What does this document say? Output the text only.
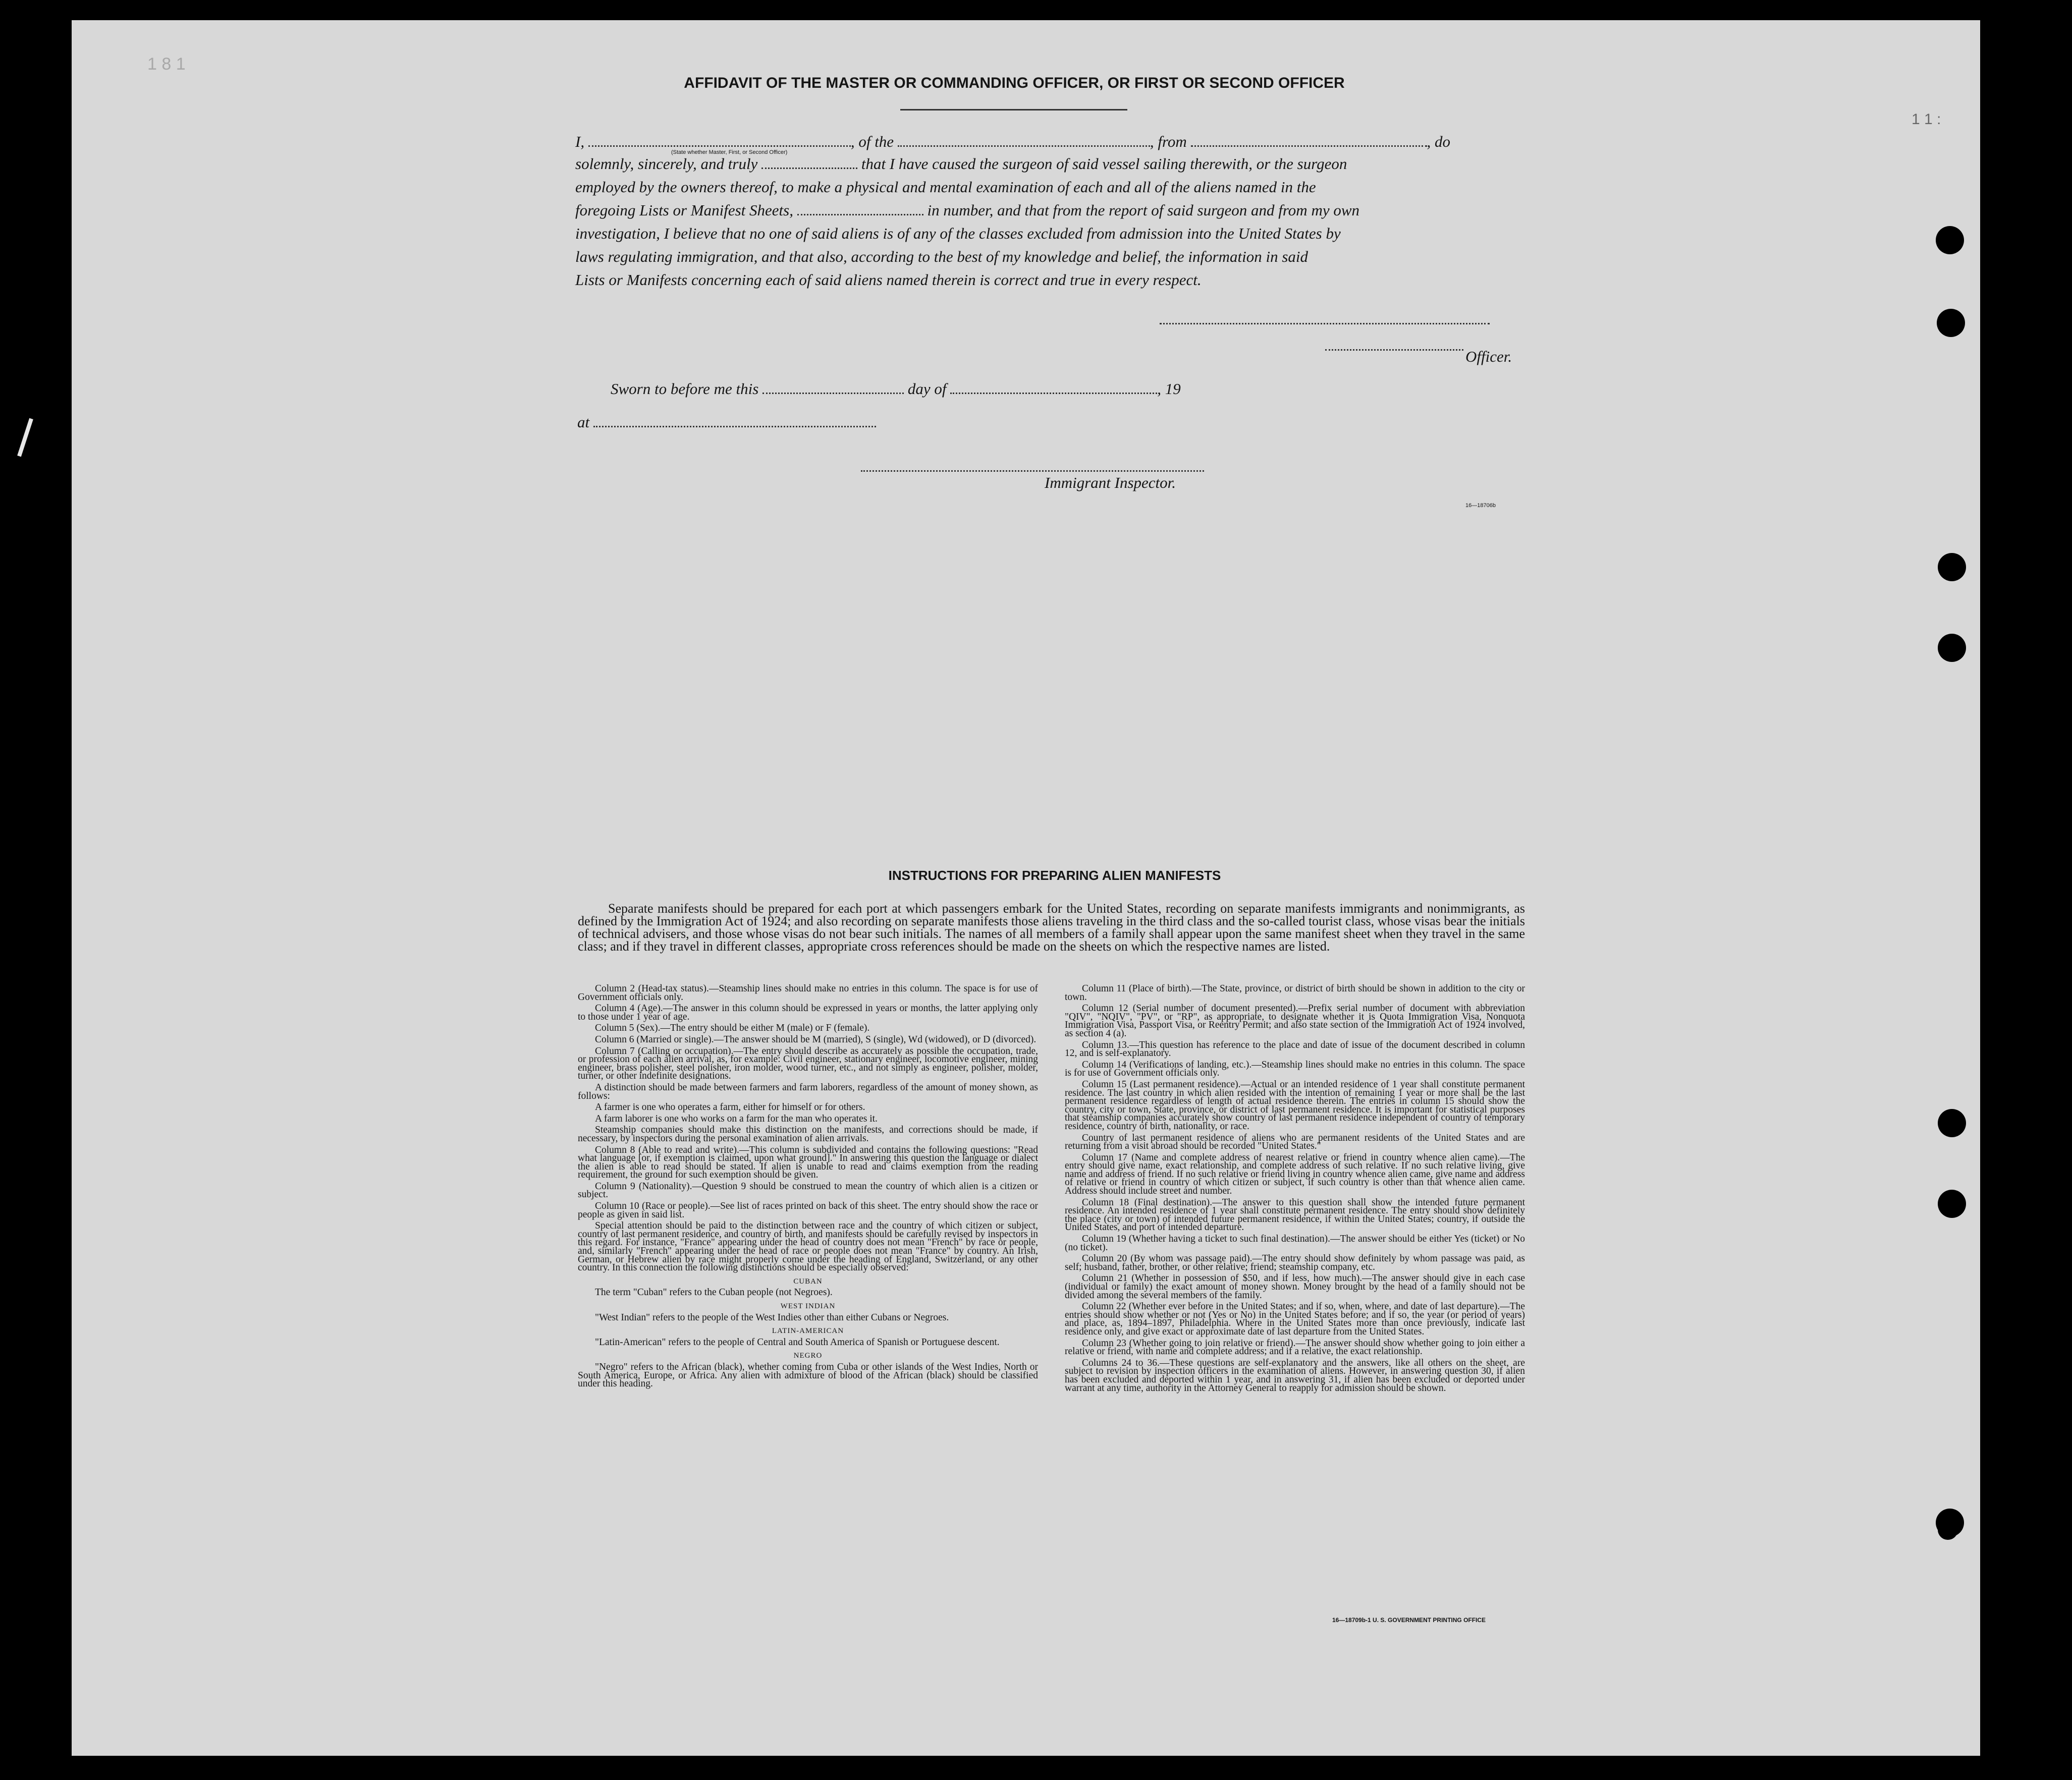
1 8 1
1 1 :
AFFIDAVIT OF THE MASTER OR COMMANDING OFFICER, OR FIRST OR SECOND OFFICER
I,	, of the	, from	, do
solemnly, sincerely, and truly	that I have caused the surgeon of said vessel sailing therewith, or the surgeon
employed by the owners thereof, to make a physical and mental examination of each and all of the aliens named in the
foregoing Lists or Manifest Sheets,	in number, and that from the report of said surgeon and from my own
investigation, I believe that no one of said aliens is of any of the classes excluded from admission into the United States by
laws regulating immigration, and that also, according to the best of my knowledge and belief, the information in said
Lists or Manifests concerning each of said aliens named therein is correct and true in every respect.
(State whether Master, First, or Second Officer)
Officer.
Sworn to before me this	day of	, 19
at
Immigrant Inspector.
16—18706b
INSTRUCTIONS FOR PREPARING ALIEN MANIFESTS
Separate manifests should be prepared for each port at which passengers embark for the United States, recording on separate manifests immigrants and nonimmigrants, as defined by the Immigration Act of 1924; and also recording on separate manifests those aliens traveling in the third class and the so-called tourist class, whose visas bear the initials of technical advisers, and those whose visas do not bear such initials. The names of all members of a family shall appear upon the same manifest sheet when they travel in the same class; and if they travel in different classes, appropriate cross references should be made on the sheets on which the respective names are listed.

Column 2 (Head-tax status).—Steamship lines should make no entries in this column. The space is for use of Government officials only.

Column 4 (Age).—The answer in this column should be expressed in years or months, the latter applying only to those under 1 year of age.

Column 5 (Sex).—The entry should be either M (male) or F (female).

Column 6 (Married or single).—The answer should be M (married), S (single), Wd (widowed), or D (divorced).

Column 7 (Calling or occupation).—The entry should describe as accurately as possible the occupation, trade, or profession of each alien arrival, as, for example: Civil engineer, stationary engineer, locomotive engineer, mining engineer, brass polisher, steel polisher, iron molder, wood turner, etc., and not simply as engineer, polisher, molder, turner, or other indefinite designations.

A distinction should be made between farmers and farm laborers, regardless of the amount of money shown, as follows:

A farmer is one who operates a farm, either for himself or for others.

A farm laborer is one who works on a farm for the man who operates it.

Steamship companies should make this distinction on the manifests, and corrections should be made, if necessary, by inspectors during the personal examination of alien arrivals.

Column 8 (Able to read and write).—This column is subdivided and contains the following questions: "Read what language [or, if exemption is claimed, upon what ground]." In answering this question the language or dialect the alien is able to read should be stated. If alien is unable to read and claims exemption from the reading requirement, the ground for such exemption should be given.

Column 9 (Nationality).—Question 9 should be construed to mean the country of which alien is a citizen or subject.

Column 10 (Race or people).—See list of races printed on back of this sheet. The entry should show the race or people as given in said list.

Special attention should be paid to the distinction between race and the country of which citizen or subject, country of last permanent residence, and country of birth, and manifests should be carefully revised by inspectors in this regard. For instance, "France" appearing under the head of country does not mean "French" by race or people, and, similarly "French" appearing under the head of race or people does not mean "France" by country. An Irish, German, or Hebrew alien by race might properly come under the heading of England, Switzerland, or any other country. In this connection the following distinctions should be especially observed:

CUBAN

The term "Cuban" refers to the Cuban people (not Negroes).

WEST INDIAN

"West Indian" refers to the people of the West Indies other than either Cubans or Negroes.

LATIN-AMERICAN

"Latin-American" refers to the people of Central and South America of Spanish or Portuguese descent.

NEGRO

"Negro" refers to the African (black), whether coming from Cuba or other islands of the West Indies, North or South America, Europe, or Africa. Any alien with admixture of blood of the African (black) should be classified under this heading.

Column 11 (Place of birth).—The State, province, or district of birth should be shown in addition to the city or town.

Column 12 (Serial number of document presented).—Prefix serial number of document with abbreviation "QIV", "NQIV", "PV", or "RP", as appropriate, to designate whether it is Quota Immigration Visa, Nonquota Immigration Visa, Passport Visa, or Reentry Permit; and also state section of the Immigration Act of 1924 involved, as section 4 (a).

Column 13.—This question has reference to the place and date of issue of the document described in column 12, and is self-explanatory.

Column 14 (Verifications of landing, etc.).—Steamship lines should make no entries in this column. The space is for use of Government officials only.

Column 15 (Last permanent residence).—Actual or an intended residence of 1 year shall constitute permanent residence. The last country in which alien resided with the intention of remaining 1 year or more shall be the last permanent residence regardless of length of actual residence therein. The entries in column 15 should show the country, city or town, State, province, or district of last permanent residence. It is important for statistical purposes that steamship companies accurately show country of last permanent residence independent of country of temporary residence, country of birth, nationality, or race.

Country of last permanent residence of aliens who are permanent residents of the United States and are returning from a visit abroad should be recorded "United States."

Column 17 (Name and complete address of nearest relative or friend in country whence alien came).—The entry should give name, exact relationship, and complete address of such relative. If no such relative living, give name and address of friend. If no such relative or friend living in country whence alien came, give name and address of relative or friend in country of which citizen or subject, if such country is other than that whence alien came. Address should include street and number.

Column 18 (Final destination).—The answer to this question shall show the intended future permanent residence. An intended residence of 1 year shall constitute permanent residence. The entry should show definitely the place (city or town) of intended future permanent residence, if within the United States; country, if outside the United States, and port of intended departure.

Column 19 (Whether having a ticket to such final destination).—The answer should be either Yes (ticket) or No (no ticket).

Column 20 (By whom was passage paid).—The entry should show definitely by whom passage was paid, as self; husband, father, brother, or other relative; friend; steamship company, etc.

Column 21 (Whether in possession of $50, and if less, how much).—The answer should give in each case (individual or family) the exact amount of money shown. Money brought by the head of a family should not be divided among the several members of the family.

Column 22 (Whether ever before in the United States; and if so, when, where, and date of last departure).—The entries should show whether or not (Yes or No) in the United States before; and if so, the year (or period of years) and place, as, 1894–1897, Philadelphia. Where in the United States more than once previously, indicate last residence only, and give exact or approximate date of last departure from the United States.

Column 23 (Whether going to join relative or friend).—The answer should show whether going to join either a relative or friend, with name and complete address; and if a relative, the exact relationship.

Columns 24 to 36.—These questions are self-explanatory and the answers, like all others on the sheet, are subject to revision by inspection officers in the examination of aliens. However, in answering question 30, if alien has been excluded and deported within 1 year, and in answering 31, if alien has been excluded or deported under warrant at any time, authority in the Attorney General to reapply for admission should be shown.

16—18709b-1 U. S. GOVERNMENT PRINTING OFFICE
